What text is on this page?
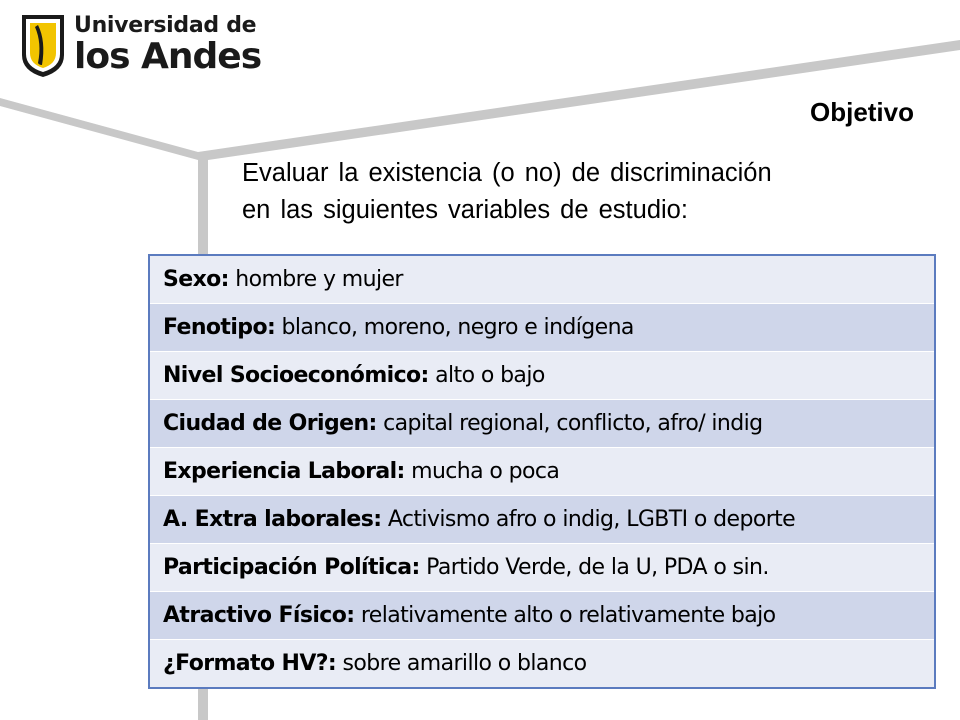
Universidad de
los Andes
Objetivo
Evaluar la existencia (o no) de discriminación
en las siguientes variables de estudio:
Sexo: hombre y mujer
Fenotipo: blanco, moreno, negro e indígena
Nivel Socioeconómico: alto o bajo
Ciudad de Origen: capital regional, conflicto, afro/ indig
Experiencia Laboral: mucha o poca
A. Extra laborales: Activismo afro o indig, LGBTI o deporte
Participación Política: Partido Verde, de la U, PDA o sin.
Atractivo Físico: relativamente alto o relativamente bajo
¿Formato HV?: sobre amarillo o blanco
